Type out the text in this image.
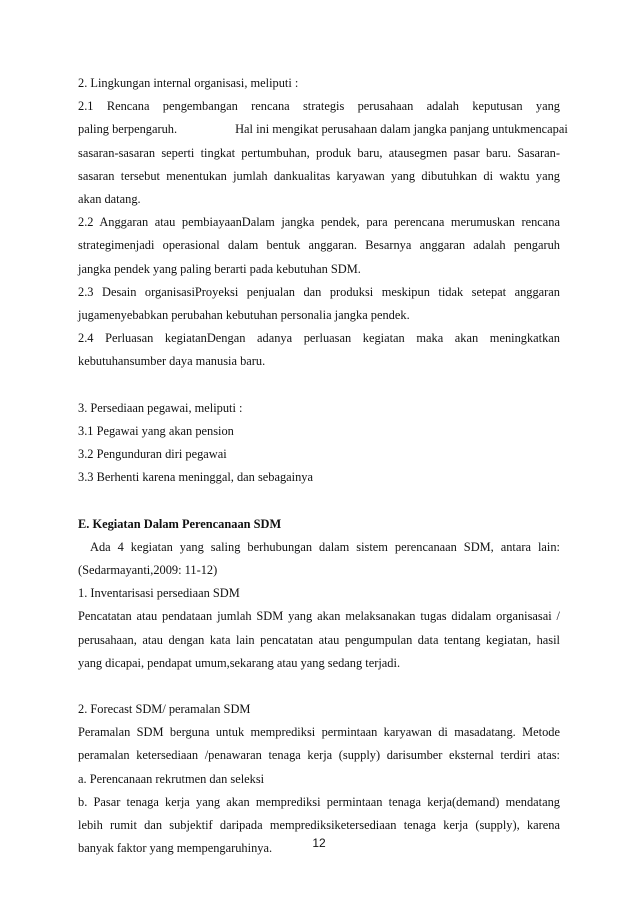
2. Lingkungan internal organisasi, meliputi :
2.1 Rencana pengembangan rencana strategis perusahaan adalah keputusan yang
paling berpengaruh.	Hal ini mengikat perusahaan dalam jangka panjang untukmencapai
sasaran-sasaran seperti tingkat pertumbuhan, produk baru, atausegmen pasar baru. Sasaran-
sasaran tersebut menentukan jumlah dankualitas karyawan yang dibutuhkan di waktu yang
akan datang.
2.2 Anggaran atau pembiayaanDalam jangka pendek, para perencana merumuskan rencana
strategimenjadi operasional dalam bentuk anggaran. Besarnya anggaran adalah pengaruh
jangka pendek yang paling berarti pada kebutuhan SDM.
2.3 Desain organisasiProyeksi penjualan dan produksi meskipun tidak setepat anggaran
jugamenyebabkan perubahan kebutuhan personalia jangka pendek.
2.4 Perluasan kegiatanDengan adanya perluasan kegiatan maka akan meningkatkan
kebutuhansumber daya manusia baru.
3. Persediaan pegawai, meliputi :
3.1 Pegawai yang akan pension
3.2 Pengunduran diri pegawai
3.3 Berhenti karena meninggal, dan sebagainya
E. Kegiatan Dalam Perencanaan SDM
Ada 4 kegiatan yang saling berhubungan dalam sistem perencanaan SDM, antara lain:
(Sedarmayanti,2009: 11-12)
1. Inventarisasi persediaan SDM
Pencatatan atau pendataan jumlah SDM yang akan melaksanakan tugas didalam organisasai /
perusahaan, atau dengan kata lain pencatatan atau pengumpulan data tentang kegiatan, hasil
yang dicapai, pendapat umum,sekarang atau yang sedang terjadi.
2. Forecast SDM/ peramalan SDM
Peramalan SDM berguna untuk memprediksi permintaan karyawan di masadatang. Metode
peramalan ketersediaan /penawaran tenaga kerja (supply) darisumber eksternal terdiri atas:
a. Perencanaan rekrutmen dan seleksi
b. Pasar tenaga kerja yang akan memprediksi permintaan tenaga kerja(demand) mendatang
lebih rumit dan subjektif daripada memprediksiketersediaan tenaga kerja (supply), karena
banyak faktor yang mempengaruhinya.	12
